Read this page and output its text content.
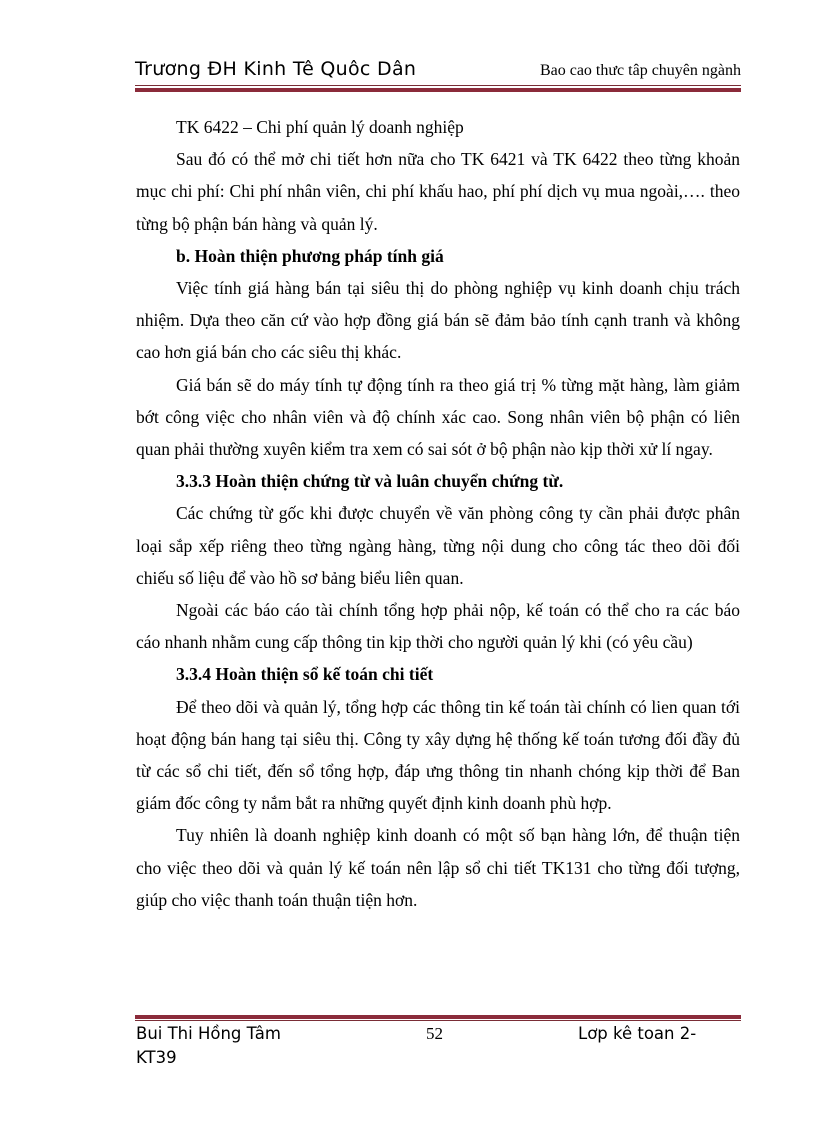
Trương ĐH Kinh Tê Quôc Dân	Bao cao thưc tâp chuyên ngành

TK 6422 – Chi phí quản lý doanh nghiệp

Sau đó có thể mở chi tiết hơn nữa cho TK 6421 và TK 6422 theo từng khoản mục chi phí: Chi phí nhân viên, chi phí khấu hao, phí phí dịch vụ mua ngoài,…. theo từng bộ phận bán hàng và quản lý.

b. Hoàn thiện phương pháp tính giá

Việc tính giá hàng bán tại siêu thị do phòng nghiệp vụ kinh doanh chịu trách nhiệm. Dựa theo căn cứ vào hợp đồng giá bán sẽ đảm bảo tính cạnh tranh và không cao hơn giá bán cho các siêu thị khác.

Giá bán sẽ do máy tính tự động tính ra theo giá trị % từng mặt hàng, làm giảm bớt công việc cho nhân viên và độ chính xác cao. Song nhân viên bộ phận có liên quan phải thường xuyên kiểm tra xem có sai sót ở bộ phận nào kịp thời xử lí ngay.

3.3.3 Hoàn thiện chứng từ và luân chuyển chứng từ.

Các chứng từ gốc khi được chuyển về văn phòng công ty cần phải được phân loại sắp xếp riêng theo từng ngàng hàng, từng nội dung cho công tác theo dõi đối chiếu số liệu để vào hồ sơ bảng biểu liên quan.

Ngoài các báo cáo tài chính tổng hợp phải nộp, kế toán có thể cho ra các báo cáo nhanh nhằm cung cấp thông tin kịp thời cho người quản lý khi (có yêu cầu)

3.3.4 Hoàn thiện sổ kế toán chi tiết

Để theo dõi và quản lý, tổng hợp các thông tin kế toán tài chính có lien quan tới hoạt động bán hang tại siêu thị. Công ty xây dựng hệ thống kế toán tương đối đầy đủ từ các sổ chi tiết, đến sổ tổng hợp, đáp ưng thông tin nhanh chóng kịp thời để Ban giám đốc công ty nắm bắt ra những quyết định kinh doanh phù hợp.

Tuy nhiên là doanh nghiệp kinh doanh có một số bạn hàng lớn, để thuận tiện cho việc theo dõi và quản lý kế toán nên lập sổ chi tiết TK131 cho từng đối tượng, giúp cho việc thanh toán thuận tiện hơn.

Bui Thi Hồng Tâm	52	Lơp kê toan 2-
KT39
